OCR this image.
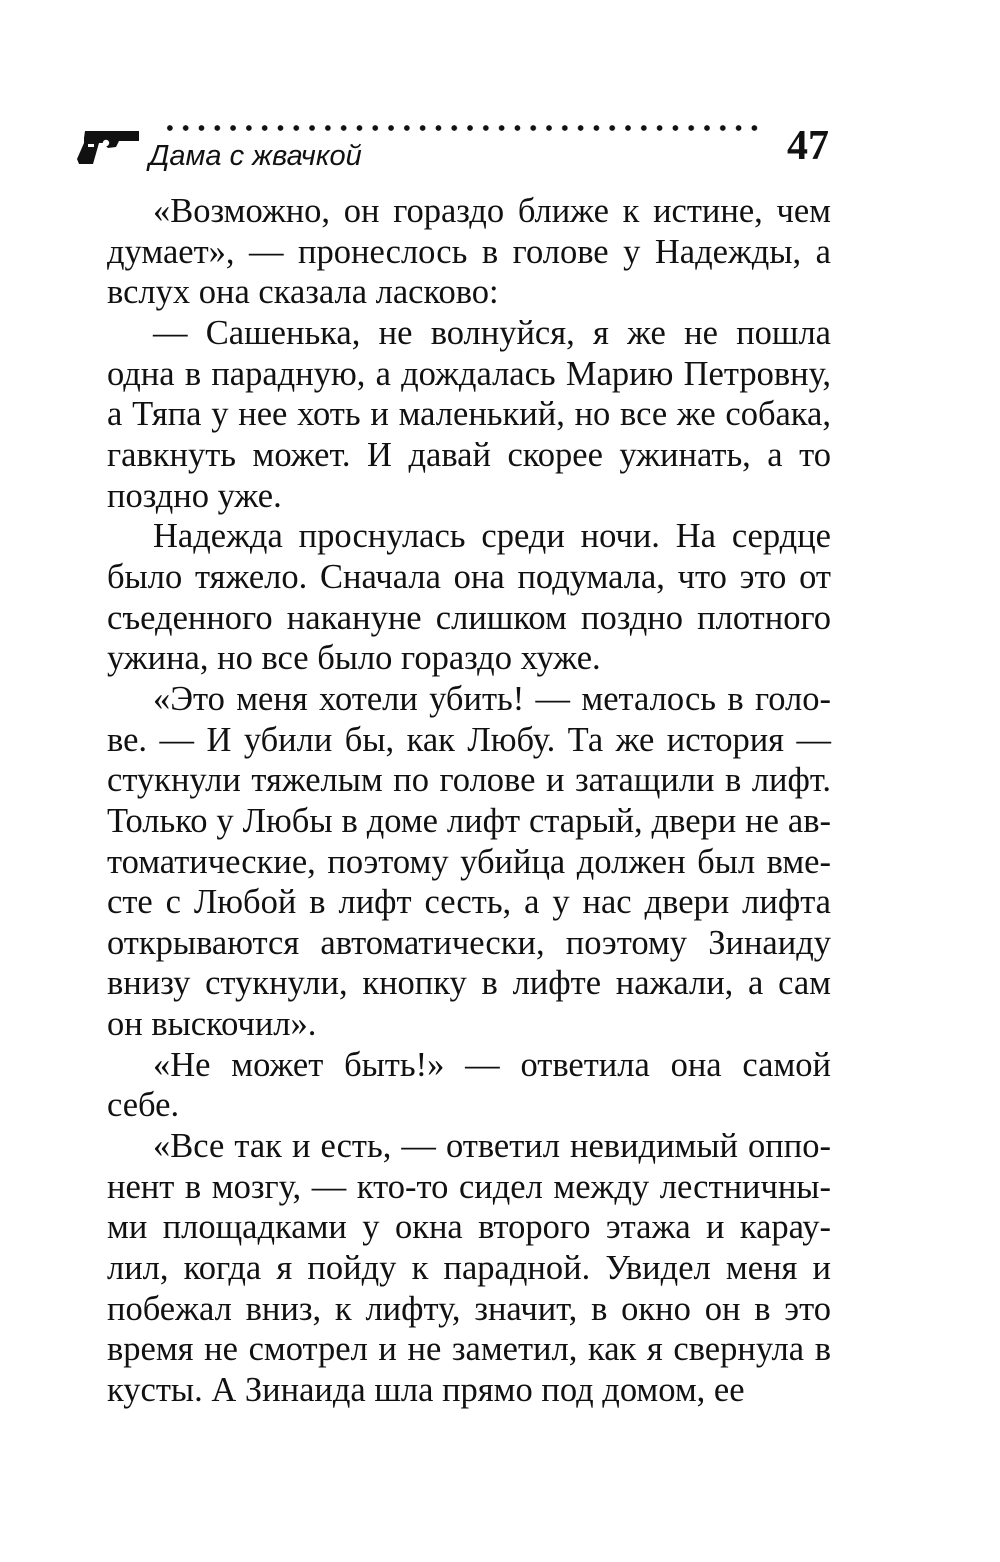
Дама с жвачкой	47

«Возможно, он гораздо ближе к истине, чем думает», — пронеслось в голове у Надежды, а вслух она сказала ласково:

— Сашенька, не волнуйся, я же не пошла одна в парадную, а дождалась Марию Петровну, а Тяпа у нее хоть и маленький, но все же собака, гавкнуть может. И давай скорее ужинать, а то поздно уже.

Надежда проснулась среди ночи. На сердце было тяжело. Сначала она подумала, что это от съеденного накануне слишком поздно плотного ужина, но все было гораздо хуже.

«Это меня хотели убить! — металось в голове. — И убили бы, как Любу. Та же история — стукнули тяжелым по голове и затащили в лифт. Только у Любы в доме лифт старый, двери не автоматические, поэтому убийца должен был вместе с Любой в лифт сесть, а у нас двери лифта открываются автоматически, поэтому Зинаиду внизу стукнули, кнопку в лифте нажали, а сам он выскочил».

«Не может быть!» — ответила она самой себе.

«Все так и есть, — ответил невидимый оппонент в мозгу, — кто-то сидел между лестничными площадками у окна второго этажа и караулил, когда я пойду к парадной. Увидел меня и побежал вниз, к лифту, значит, в окно он в это время не смотрел и не заметил, как я свернула в кусты. А Зинаида шла прямо под домом, ее
